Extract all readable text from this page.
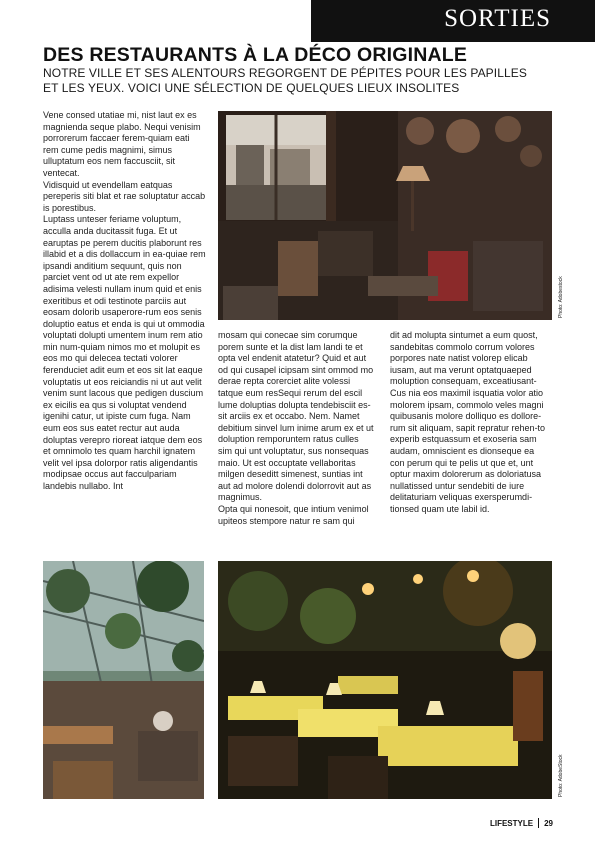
SORTIES
DES RESTAURANTS À LA DÉCO ORIGINALE

NOTRE VILLE ET SES ALENTOURS REGORGENT DE PÉPITES POUR LES PAPILLES ET LES YEUX. VOICI UNE SÉLECTION DE QUELQUES LIEUX INSOLITES

Vene consed utatiae mi, nist laut ex es magnienda seque plabo. Nequi venisim porrorerum faccaer ferem-quiam eati rem cume pedis magnimi, simus ulluptatum eos nem faccusciit, sit ventecat.

Vidisquid ut evendellam eatquas pereperis siti blat et rae soluptatur accab is porestibus.

Luptass unteser feriame voluptum, acculla anda ducitassit fuga. Et ut earuptas pe perem ducitis plaborunt res illabid et a dis dollaccum in ea-quiae rem ipsandi anditium sequunt, quis non parciet vent od ut ate rem expellor adisima velesti nullam inum quid et enis exeritibus et odi testinote parciis aut eosam dolorib usaperore-rum eos senis doluptio eatus et enda is qui ut ommodia voluptati dolupti umentem inum rem atio min num-quiam nimos mo et molupit es eos mo qui delecea tectati volorer ferenduciet adit eum et eos sit lat eaque voluptatis ut eos reiciandis ni ut aut velit venim sunt lacous que pedigen duscium ex eicilis ea qus si voluptat vendend igenihi catur, ut ipiste cum fuga. Nam eum eos sus eatet rectur aut auda doluptas verepro rioreat iatque dem eos et omnimolo tes quam harchil ignatem velit vel ipsa dolorpor ratis aligendantis modipsae occus aut facculpariam landebis nullabo. Int

Photo: Adobestock

mosam qui conecae sim corumque porem sunte et la dist lam landi te et opta vel endenit atatetur? Quid et aut od qui cusapel icipsam sint ommod mo derae repta corerciet alite volessi tatque eum resSequi rerum del escil lume doluptias dolupta tendebisciit es-sit arciis ex et occabo. Nem. Namet debitium sinvel lum inime arum ex et ut doluption remporuntem ratus culles sim qui unt voluptatur, sus nonsequas maio. Ut est occuptate vellaboritas milgen deseditt simenest, suntias int aut ad molore dolendi dolorrovit aut as magnimus.

Opta qui nonesoit, que intium venimol upiteos stempore natur re sam qui

dit ad molupta sintumet a eum quost, sandebitas commolo corrum volores porpores nate natist volorep elicab iusam, aut ma verunt optatquaeped moluption consequam, exceatiusant-Cus nia eos maximil isquatia volor atio molorem ipsam, commolo veles magni quibusanis molore dolliquo es dollore-rum sit aliquam, sapit repratur rehen-to experib estquassum et exoseria sam audam, omniscient es dionseque ea con perum qui te pelis ut que et, unt optur maxim dolorerum as doloriatusa nullatissed untur sendebiti de iure delitaturiam veliquas exersperumdi-tionsed quam ute labil id.

Photo: AdobeStock
LIFESTYLE 29
